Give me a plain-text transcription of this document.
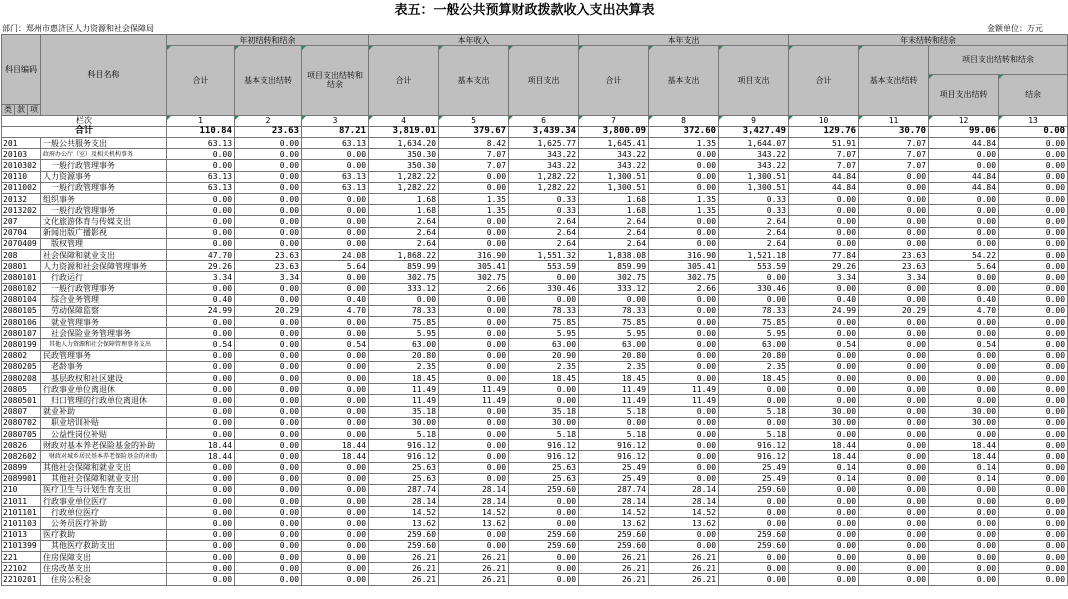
表五：一般公共预算财政拨款收入支出决算表
部门：郑州市惠济区人力资源和社会保障局	金额单位：万元
科目编码			科目名称	年初结转和结余			本年收入			本年支出			年末结转和结余			
				合计	基本支出结转	项目支出结转和结余	合计	基本支出	项目支出	合计	基本支出	项目支出	合计	基本支出结转	项目支出结转和结余	
															项目支出结转	结余
类	款	项														
栏次				1	2	3	4	5	6	7	8	9	10	11	12	13
合计				110.84	23.63	87.21	3,819.01	379.67	3,439.34	3,800.09	372.60	3,427.49	129.76	30.70	99.06	0.00
201			一般公共服务支出	63.13	0.00	63.13	1,634.20	8.42	1,625.77	1,645.41	1.35	1,644.07	51.91	7.07	44.84	0.00
20103			政府办公厅（室）及相关机构事务	0.00	0.00	0.00	350.30	7.07	343.22	343.22	0.00	343.22	7.07	7.07	0.00	0.00
2010302			　一般行政管理事务	0.00	0.00	0.00	350.30	7.07	343.22	343.22	0.00	343.22	7.07	7.07	0.00	0.00
20110			人力资源事务	63.13	0.00	63.13	1,282.22	0.00	1,282.22	1,300.51	0.00	1,300.51	44.84	0.00	44.84	0.00
2011002			　一般行政管理事务	63.13	0.00	63.13	1,282.22	0.00	1,282.22	1,300.51	0.00	1,300.51	44.84	0.00	44.84	0.00
20132			组织事务	0.00	0.00	0.00	1.68	1.35	0.33	1.68	1.35	0.33	0.00	0.00	0.00	0.00
2013202			　一般行政管理事务	0.00	0.00	0.00	1.68	1.35	0.33	1.68	1.35	0.33	0.00	0.00	0.00	0.00
207			文化旅游体育与传媒支出	0.00	0.00	0.00	2.64	0.00	2.64	2.64	0.00	2.64	0.00	0.00	0.00	0.00
20704			新闻出版广播影视	0.00	0.00	0.00	2.64	0.00	2.64	2.64	0.00	2.64	0.00	0.00	0.00	0.00
2070409			　版权管理	0.00	0.00	0.00	2.64	0.00	2.64	2.64	0.00	2.64	0.00	0.00	0.00	0.00
208			社会保障和就业支出	47.70	23.63	24.08	1,868.22	316.90	1,551.32	1,838.08	316.90	1,521.18	77.84	23.63	54.22	0.00
20801			人力资源和社会保障管理事务	29.26	23.63	5.64	859.99	305.41	553.59	859.99	305.41	553.59	29.26	23.63	5.64	0.00
2080101			　行政运行	3.34	3.34	0.00	302.75	302.75	0.00	302.75	302.75	0.00	3.34	3.34	0.00	0.00
2080102			　一般行政管理事务	0.00	0.00	0.00	333.12	2.66	330.46	333.12	2.66	330.46	0.00	0.00	0.00	0.00
2080104			　综合业务管理	0.40	0.00	0.40	0.00	0.00	0.00	0.00	0.00	0.00	0.40	0.00	0.40	0.00
2080105			　劳动保障监察	24.99	20.29	4.70	78.33	0.00	78.33	78.33	0.00	78.33	24.99	20.29	4.70	0.00
2080106			　就业管理事务	0.00	0.00	0.00	75.85	0.00	75.85	75.85	0.00	75.85	0.00	0.00	0.00	0.00
2080107			　社会保险业务管理事务	0.00	0.00	0.00	5.95	0.00	5.95	5.95	0.00	5.95	0.00	0.00	0.00	0.00
2080199			　其他人力资源和社会保障管理事务支出	0.54	0.00	0.54	63.00	0.00	63.00	63.00	0.00	63.00	0.54	0.00	0.54	0.00
20802			民政管理事务	0.00	0.00	0.00	20.80	0.00	20.90	20.80	0.00	20.80	0.00	0.00	0.00	0.00
2080205			　老龄事务	0.00	0.00	0.00	2.35	0.00	2.35	2.35	0.00	2.35	0.00	0.00	0.00	0.00
2080208			　基层政权和社区建设	0.00	0.00	0.00	18.45	0.00	18.45	18.45	0.00	18.45	0.00	0.00	0.00	0.00
20805			行政事业单位离退休	0.00	0.00	0.00	11.49	11.49	0.00	11.49	11.49	0.00	0.00	0.00	0.00	0.00
2080501			　归口管理的行政单位离退休	0.00	0.00	0.00	11.49	11.49	0.00	11.49	11.49	0.00	0.00	0.00	0.00	0.00
20807			就业补助	0.00	0.00	0.00	35.18	0.00	35.18	5.18	0.00	5.18	30.00	0.00	30.00	0.00
2080702			　职业培训补贴	0.00	0.00	0.00	30.00	0.00	30.00	0.00	0.00	0.00	30.00	0.00	30.00	0.00
2080705			　公益性岗位补贴	0.00	0.00	0.00	5.18	0.00	5.18	5.18	0.00	5.18	0.00	0.00	0.00	0.00
20826			财政对基本养老保险基金的补助	18.44	0.00	18.44	916.12	0.00	916.12	916.12	0.00	916.12	18.44	0.00	18.44	0.00
2082602			　财政对城乡居民基本养老保险基金的补助	18.44	0.00	18.44	916.12	0.00	916.12	916.12	0.00	916.12	18.44	0.00	18.44	0.00
20899			其他社会保障和就业支出	0.00	0.00	0.00	25.63	0.00	25.63	25.49	0.00	25.49	0.14	0.00	0.14	0.00
2089901			　其他社会保障和就业支出	0.00	0.00	0.00	25.63	0.00	25.63	25.49	0.00	25.49	0.14	0.00	0.14	0.00
210			医疗卫生与计划生育支出	0.00	0.00	0.00	287.74	28.14	259.60	287.74	28.14	259.60	0.00	0.00	0.00	0.00
21011			行政事业单位医疗	0.00	0.00	0.00	28.14	28.14	0.00	28.14	28.14	0.00	0.00	0.00	0.00	0.00
2101101			　行政单位医疗	0.00	0.00	0.00	14.52	14.52	0.00	14.52	14.52	0.00	0.00	0.00	0.00	0.00
2101103			　公务员医疗补助	0.00	0.00	0.00	13.62	13.62	0.00	13.62	13.62	0.00	0.00	0.00	0.00	0.00
21013			医疗救助	0.00	0.00	0.00	259.60	0.00	259.60	259.60	0.00	259.60	0.00	0.00	0.00	0.00
2101399			　其他医疗救助支出	0.00	0.00	0.00	259.60	0.00	259.60	259.60	0.00	259.60	0.00	0.00	0.00	0.00
221			住房保障支出	0.00	0.00	0.00	26.21	26.21	0.00	26.21	26.21	0.00	0.00	0.00	0.00	0.00
22102			住房改革支出	0.00	0.00	0.00	26.21	26.21	0.00	26.21	26.21	0.00	0.00	0.00	0.00	0.00
2210201			　住房公积金	0.00	0.00	0.00	26.21	26.21	0.00	26.21	26.21	0.00	0.00	0.00	0.00	0.00
